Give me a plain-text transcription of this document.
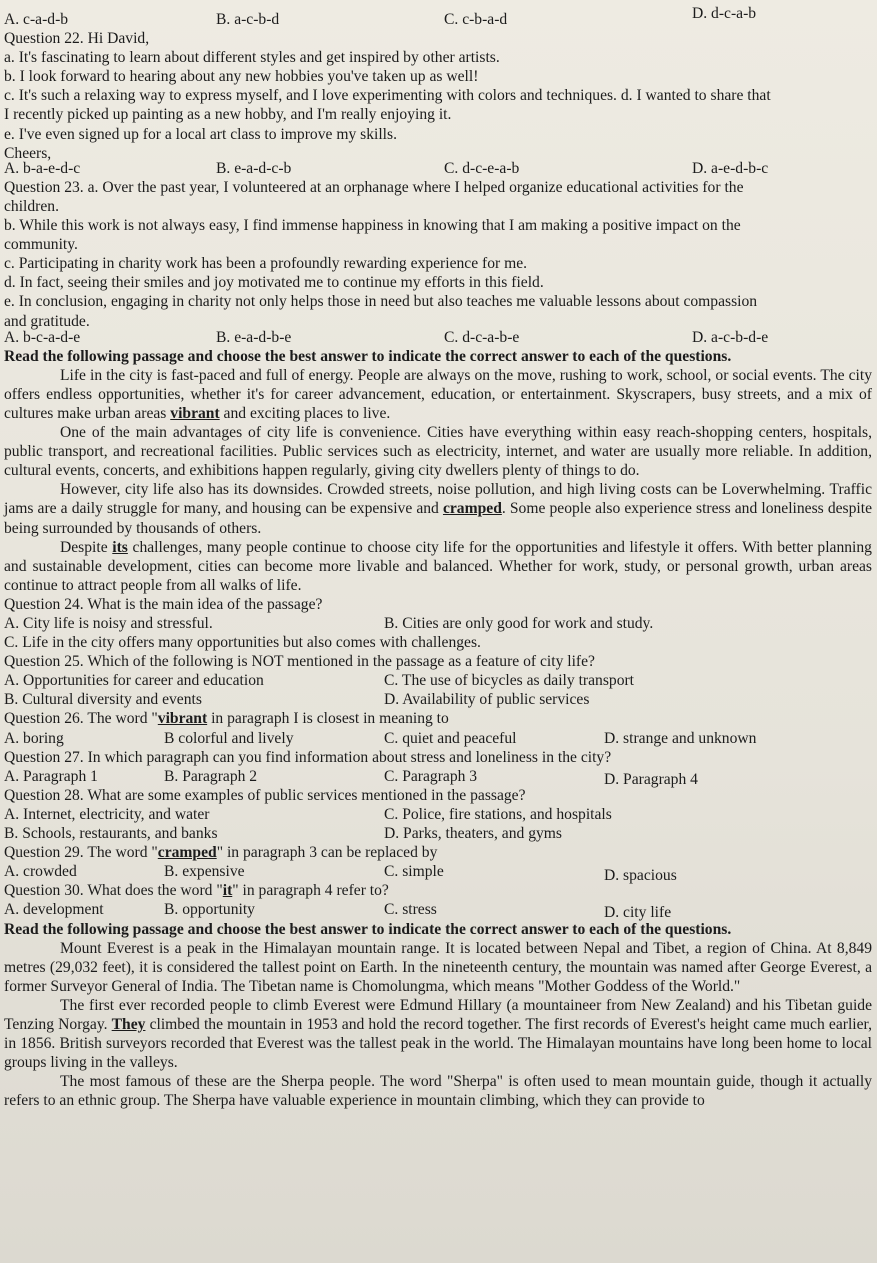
A. c-a-d-b	B. a-c-b-d	C. c-b-a-d	D. d-c-a-b
Question 22. Hi David,
a. It's fascinating to learn about different styles and get inspired by other artists.
b. I look forward to hearing about any new hobbies you've taken up as well!
c. It's such a relaxing way to express myself, and I love experimenting with colors and techniques. d. I wanted to share that
I recently picked up painting as a new hobby, and I'm really enjoying it.
e. I've even signed up for a local art class to improve my skills.
Cheers,
A. b-a-e-d-c	B. e-a-d-c-b	C. d-c-e-a-b	D. a-e-d-b-c
Question 23. a. Over the past year, I volunteered at an orphanage where I helped organize educational activities for the
children.
b. While this work is not always easy, I find immense happiness in knowing that I am making a positive impact on the
community.
c. Participating in charity work has been a profoundly rewarding experience for me.
d. In fact, seeing their smiles and joy motivated me to continue my efforts in this field.
e. In conclusion, engaging in charity not only helps those in need but also teaches me valuable lessons about compassion
and gratitude.
A. b-c-a-d-e	B. e-a-d-b-e	C. d-c-a-b-e	D. a-c-b-d-e
Read the following passage and choose the best answer to indicate the correct answer to each of the questions.
Life in the city is fast-paced and full of energy. People are always on the move, rushing to work, school, or social events. The city offers endless opportunities, whether it's for career advancement, education, or entertainment. Skyscrapers, busy streets, and a mix of cultures make urban areas vibrant and exciting places to live.
One of the main advantages of city life is convenience. Cities have everything within easy reach-shopping centers, hospitals, public transport, and recreational facilities. Public services such as electricity, internet, and water are usually more reliable. In addition, cultural events, concerts, and exhibitions happen regularly, giving city dwellers plenty of things to do.
However, city life also has its downsides. Crowded streets, noise pollution, and high living costs can be Loverwhelming. Traffic jams are a daily struggle for many, and housing can be expensive and cramped. Some people also experience stress and loneliness despite being surrounded by thousands of others.
Despite its challenges, many people continue to choose city life for the opportunities and lifestyle it offers. With better planning and sustainable development, cities can become more livable and balanced. Whether for work, study, or personal growth, urban areas continue to attract people from all walks of life.
Question 24. What is the main idea of the passage?
A. City life is noisy and stressful.	B. Cities are only good for work and study.
C. Life in the city offers many opportunities but also comes with challenges.
Question 25. Which of the following is NOT mentioned in the passage as a feature of city life?
A. Opportunities for career and education	C. The use of bicycles as daily transport
B. Cultural diversity and events	D. Availability of public services
Question 26. The word "vibrant in paragraph I is closest in meaning to
A. boring	B colorful and lively	C. quiet and peaceful	D. strange and unknown
Question 27. In which paragraph can you find information about stress and loneliness in the city?
A. Paragraph 1	B. Paragraph 2	C. Paragraph 3	D. Paragraph 4
Question 28. What are some examples of public services mentioned in the passage?
A. Internet, electricity, and water	C. Police, fire stations, and hospitals
B. Schools, restaurants, and banks	D. Parks, theaters, and gyms
Question 29. The word "cramped" in paragraph 3 can be replaced by
A. crowded	B. expensive	C. simple	D. spacious
Question 30. What does the word "it" in paragraph 4 refer to?
A. development	B. opportunity	C. stress	D. city life
Read the following passage and choose the best answer to indicate the correct answer to each of the questions.
Mount Everest is a peak in the Himalayan mountain range. It is located between Nepal and Tibet, a region of China. At 8,849 metres (29,032 feet), it is considered the tallest point on Earth. In the nineteenth century, the mountain was named after George Everest, a former Surveyor General of India. The Tibetan name is Chomolungma, which means "Mother Goddess of the World."
The first ever recorded people to climb Everest were Edmund Hillary (a mountaineer from New Zealand) and his Tibetan guide Tenzing Norgay. They climbed the mountain in 1953 and hold the record together. The first records of Everest's height came much earlier, in 1856. British surveyors recorded that Everest was the tallest peak in the world. The Himalayan mountains have long been home to local groups living in the valleys.
The most famous of these are the Sherpa people. The word "Sherpa" is often used to mean mountain guide, though it actually refers to an ethnic group. The Sherpa have valuable experience in mountain climbing, which they can provide to
